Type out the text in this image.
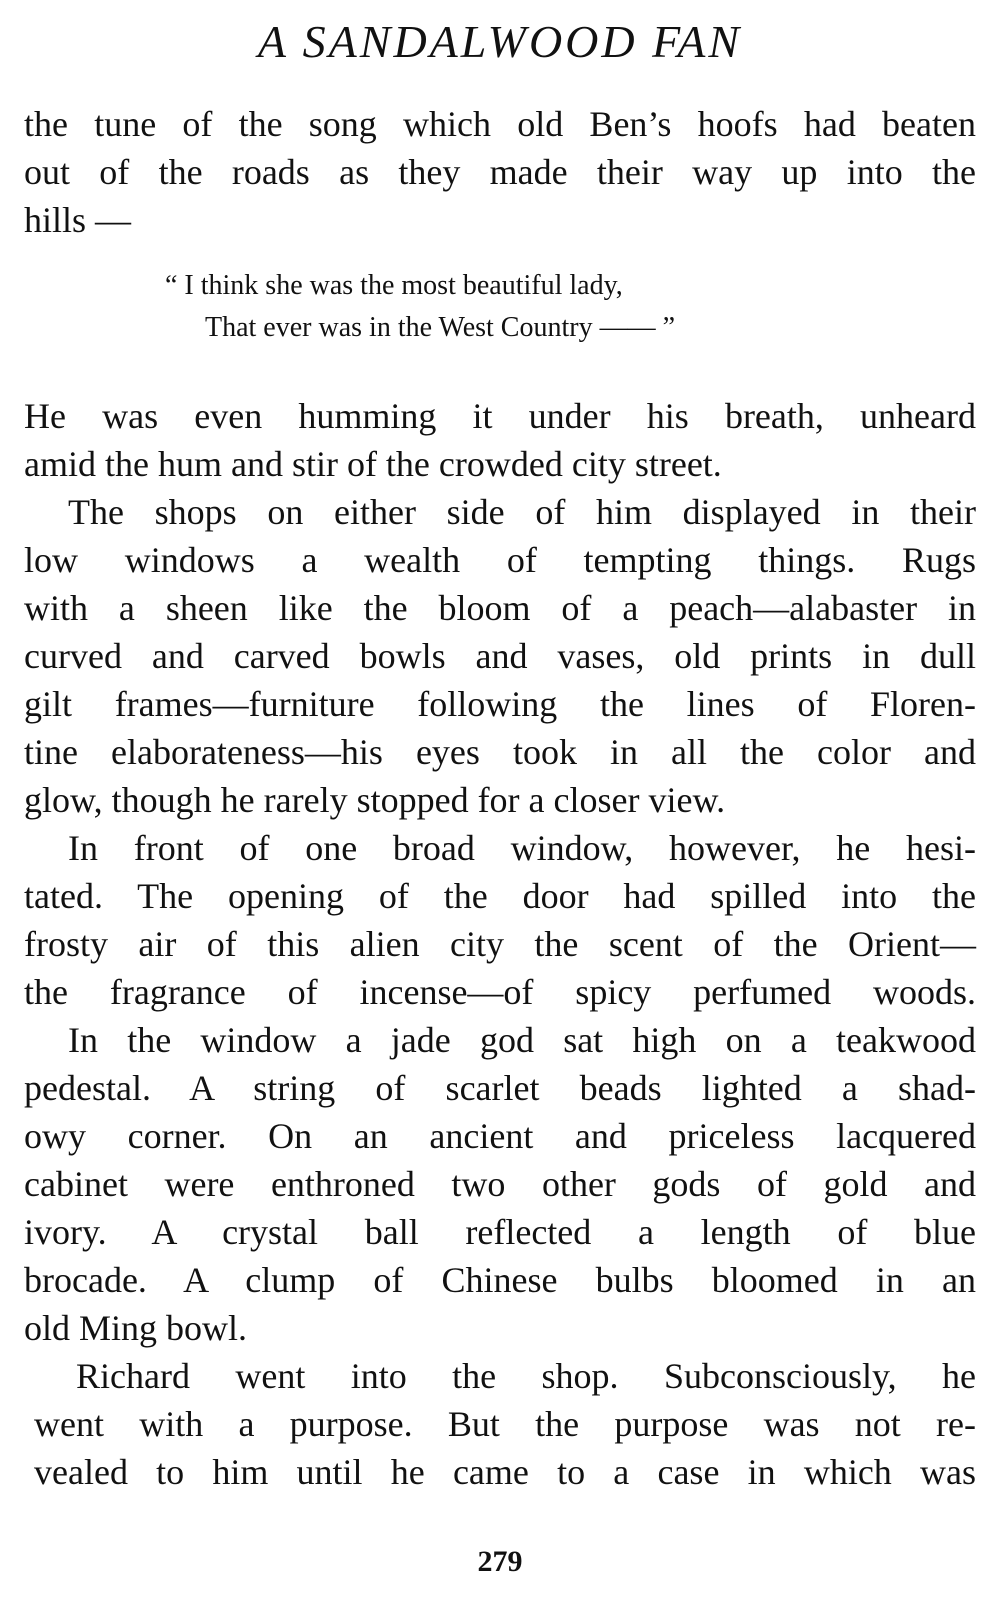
A SANDALWOOD FAN
the tune of the song which old Ben’s hoofs had beaten
out of the roads as they made their way up into the
hills —
“ I think she was the most beautiful lady,
That ever was in the West Country —— ”
He was even humming it under his breath, unheard
amid the hum and stir of the crowded city street.
The shops on either side of him displayed in their
low windows a wealth of tempting things. Rugs
with a sheen like the bloom of a peach—alabaster in
curved and carved bowls and vases, old prints in dull
gilt frames—furniture following the lines of Floren-
tine elaborateness—his eyes took in all the color and
glow, though he rarely stopped for a closer view.
In front of one broad window, however, he hesi-
tated. The opening of the door had spilled into the
frosty air of this alien city the scent of the Orient—
the fragrance of incense—of spicy perfumed woods.
In the window a jade god sat high on a teakwood
pedestal. A string of scarlet beads lighted a shad-
owy corner. On an ancient and priceless lacquered
cabinet were enthroned two other gods of gold and
ivory. A crystal ball reflected a length of blue
brocade. A clump of Chinese bulbs bloomed in an
old Ming bowl.
Richard went into the shop. Subconsciously, he
went with a purpose. But the purpose was not re-
vealed to him until he came to a case in which was
279
